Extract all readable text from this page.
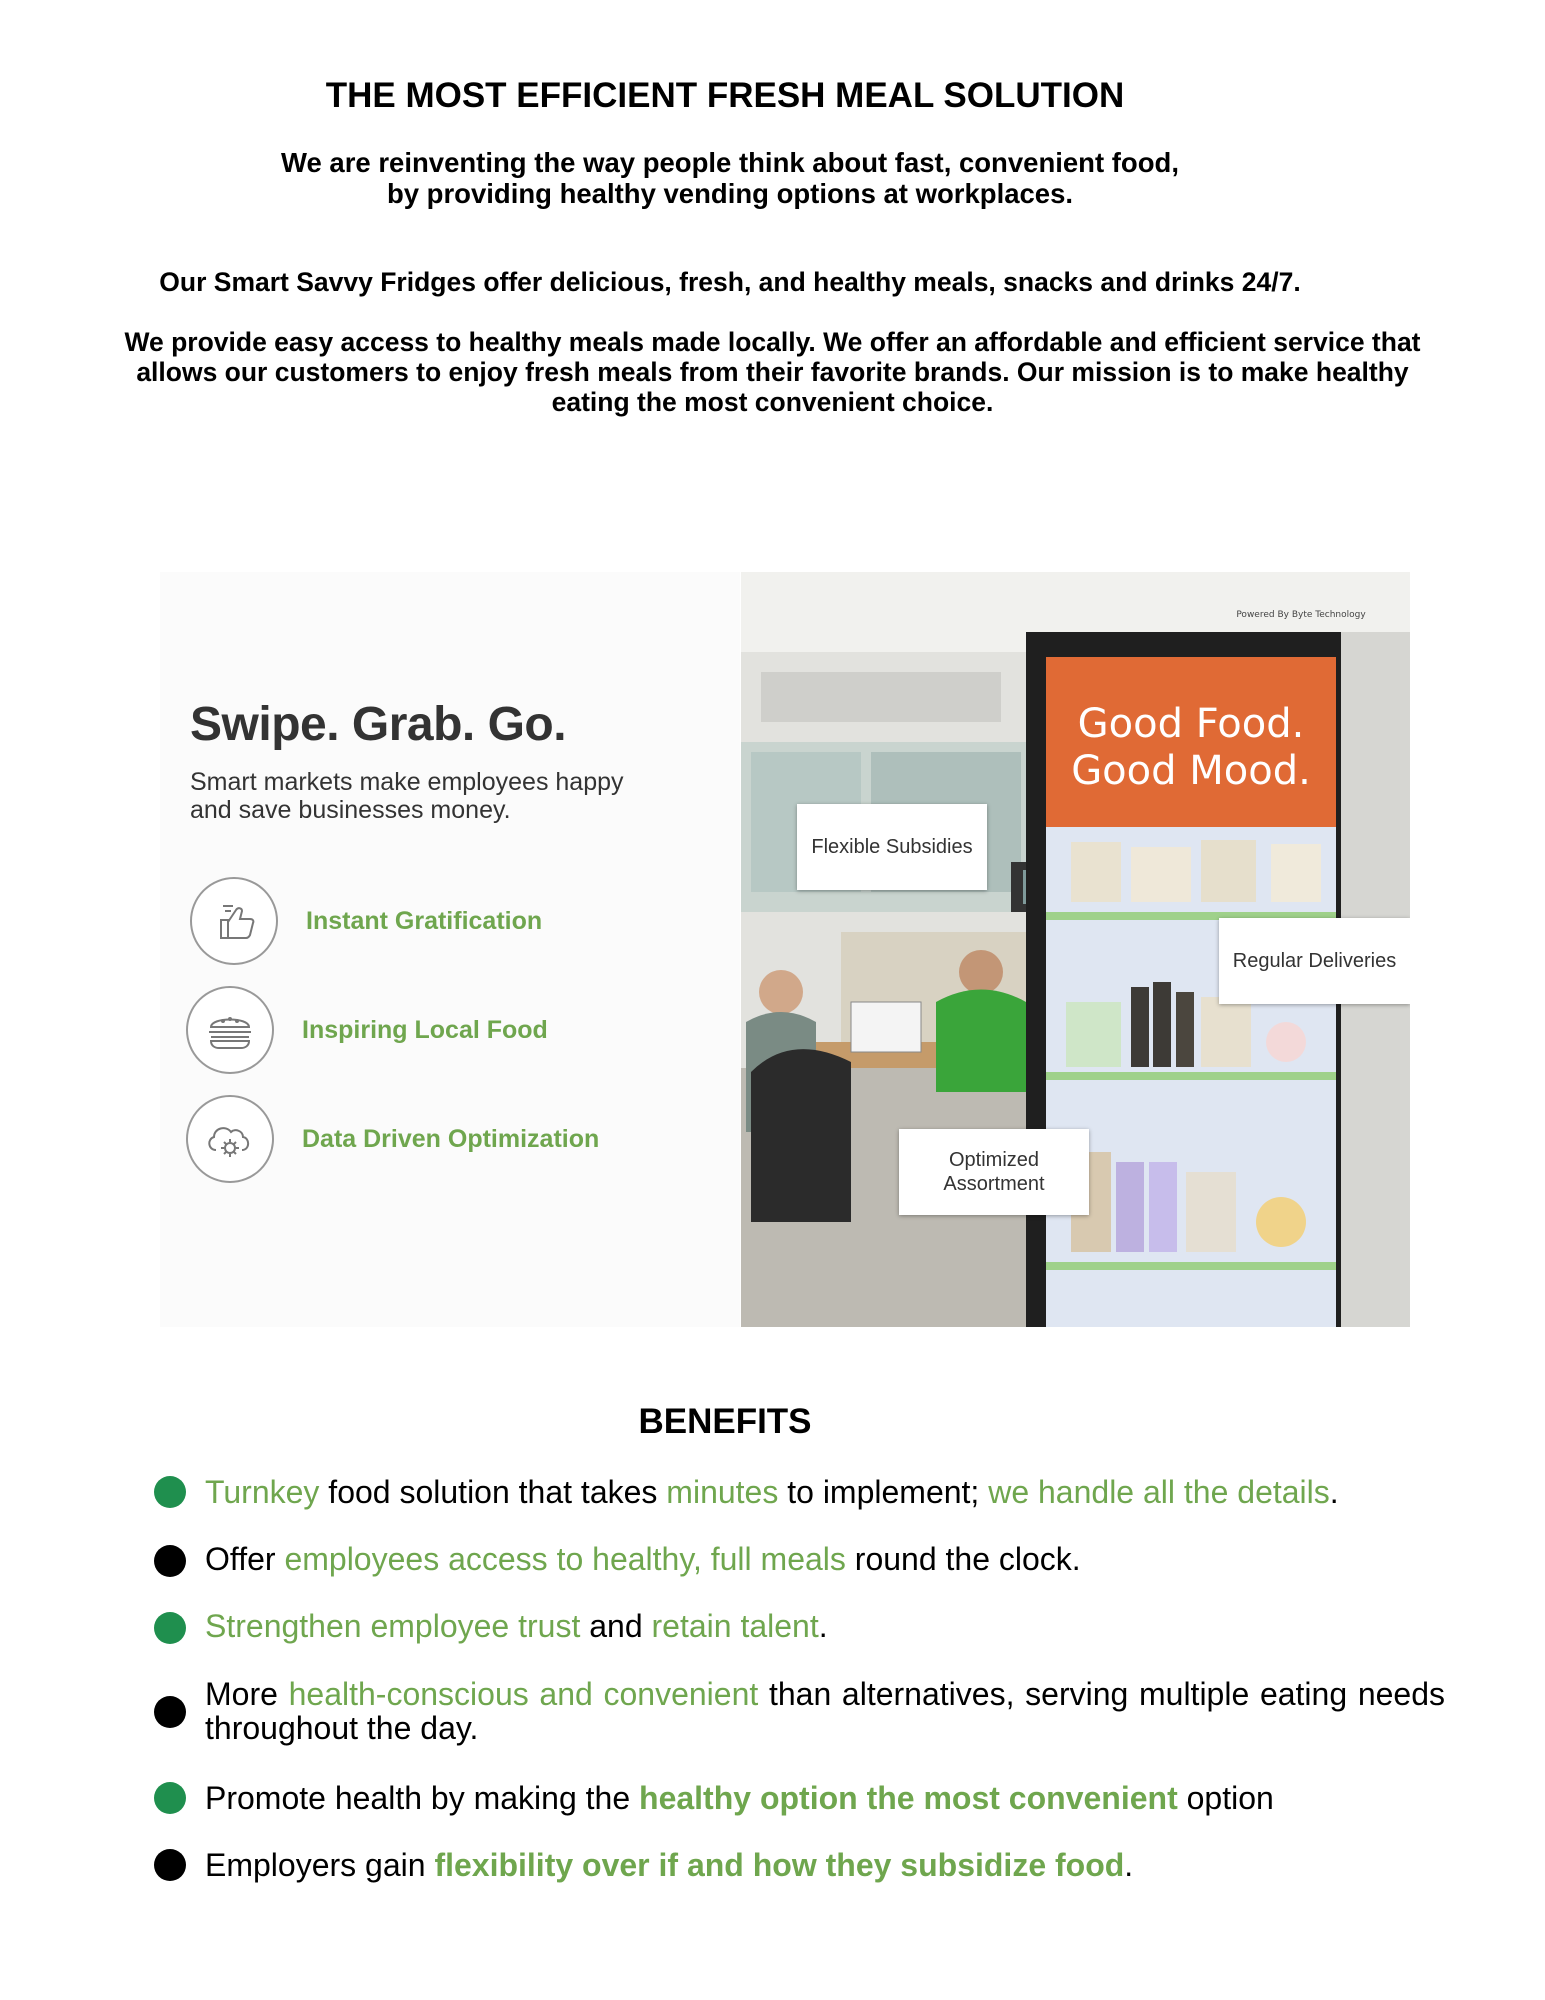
THE MOST EFFICIENT FRESH MEAL SOLUTION
We are reinventing the way people think about fast, convenient food,
by providing healthy vending options at workplaces.

Our Smart Savvy Fridges offer delicious, fresh, and healthy meals, snacks and drinks 24/7.

We provide easy access to healthy meals made locally. We offer an affordable and efficient service that allows our customers to enjoy fresh meals from their favorite brands. Our mission is to make healthy eating the most convenient choice.

Swipe. Grab. Go.

Smart markets make employees happy and save businesses money.

Instant Gratification
Inspiring Local Food
Data Driven Optimization
Good Food.
Good Mood.
Powered By Byte Technology
Flexible Subsidies
Regular Deliveries
Optimized Assortment
BENEFITS
Turnkey food solution that takes minutes to implement; we handle all the details.
Offer employees access to healthy, full meals round the clock.
Strengthen employee trust and retain talent.
More health-conscious and convenient than alternatives, serving multiple eating needs throughout the day.
Promote health by making the healthy option the most convenient option
Employers gain flexibility over if and how they subsidize food.
